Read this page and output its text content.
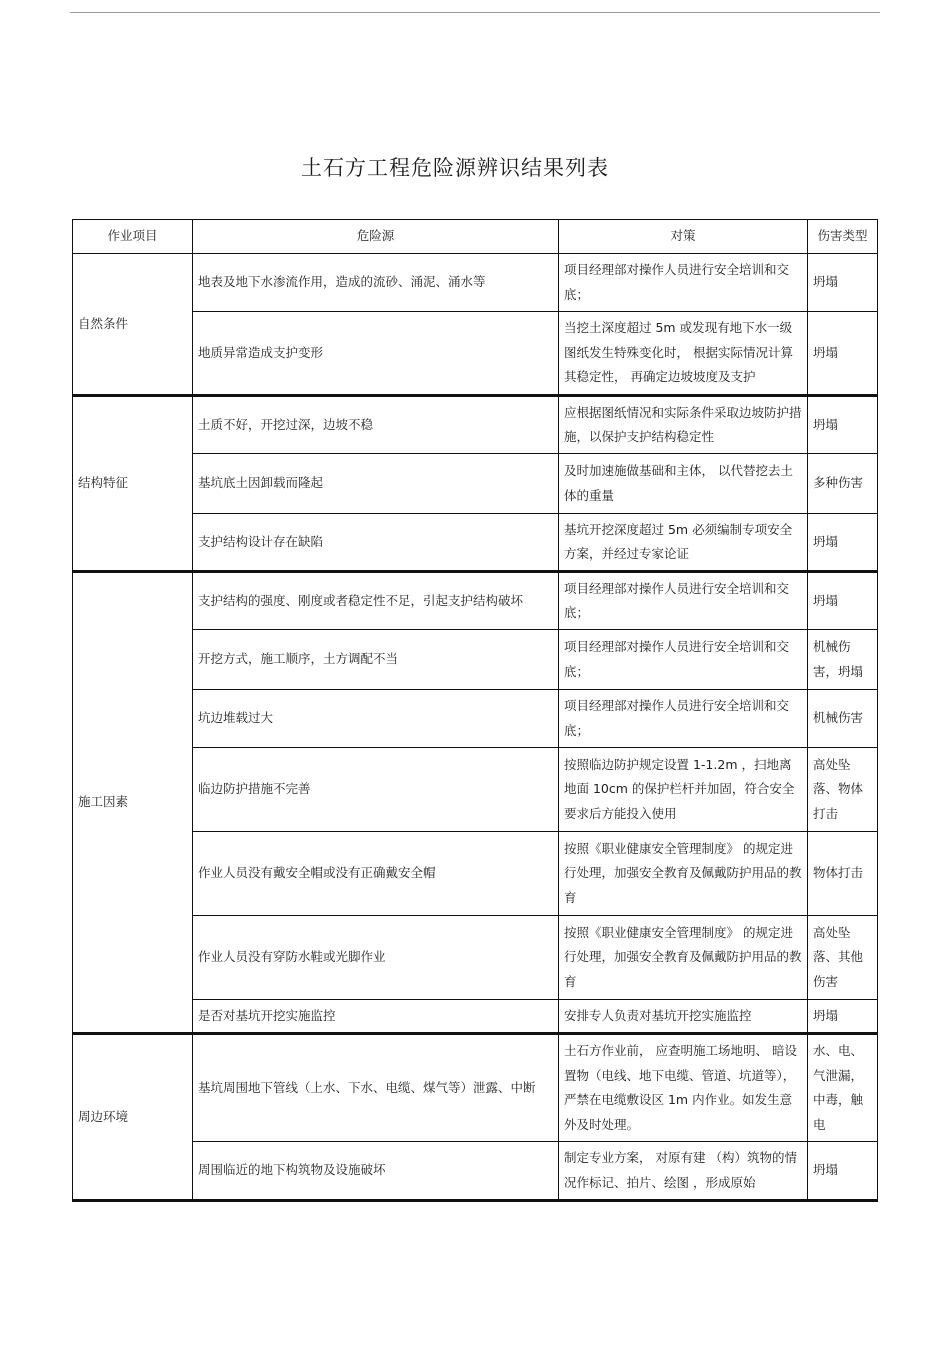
土石方工程危险源辨识结果列表
作业项目	危险源	对策	伤害类型
自然条件	地表及地下水渗流作用，造成的流砂、涌泥、涌水等	项目经理部对操作人员进行安全培训和交底；	坍塌
	地质异常造成支护变形	当挖土深度超过 5m 或发现有地下水一级图纸发生特殊变化时， 根据实际情况计算其稳定性， 再确定边坡坡度及支护	坍塌
结构特征	土质不好，开挖过深，边坡不稳	应根据图纸情况和实际条件采取边坡防护措施，以保护支护结构稳定性	坍塌
	基坑底土因卸载而隆起	及时加速施做基础和主体， 以代替挖去土体的重量	多种伤害
	支护结构设计存在缺陷	基坑开挖深度超过 5m 必须编制专项安全方案，并经过专家论证	坍塌
施工因素	支护结构的强度、刚度或者稳定性不足，引起支护结构破坏	项目经理部对操作人员进行安全培训和交底；	坍塌
	开挖方式，施工顺序，土方调配不当	项目经理部对操作人员进行安全培训和交底；	机械伤害，坍塌
	坑边堆载过大	项目经理部对操作人员进行安全培训和交底；	机械伤害
	临边防护措施不完善	按照临边防护规定设置 1-1.2m ，扫地离地面 10cm 的保护栏杆并加固，符合安全要求后方能投入使用	高处坠落、物体打击
	作业人员没有戴安全帽或没有正确戴安全帽	按照《职业健康安全管理制度》 的规定进行处理，加强安全教育及佩戴防护用品的教育	物体打击
	作业人员没有穿防水鞋或光脚作业	按照《职业健康安全管理制度》 的规定进行处理，加强安全教育及佩戴防护用品的教育	高处坠落、其他伤害
	是否对基坑开挖实施监控	安排专人负责对基坑开挖实施监控	坍塌
周边环境	基坑周围地下管线（上水、下水、电缆、煤气等）泄露、中断	土石方作业前， 应查明施工场地明、 暗设置物（电线、地下电缆、管道、坑道等），严禁在电缆敷设区 1m 内作业。如发生意外及时处理。	水、电、气泄漏，中毒，触电
	周围临近的地下构筑物及设施破坏	制定专业方案， 对原有建 （构）筑物的情况作标记、拍片、绘图 ，形成原始	坍塌
